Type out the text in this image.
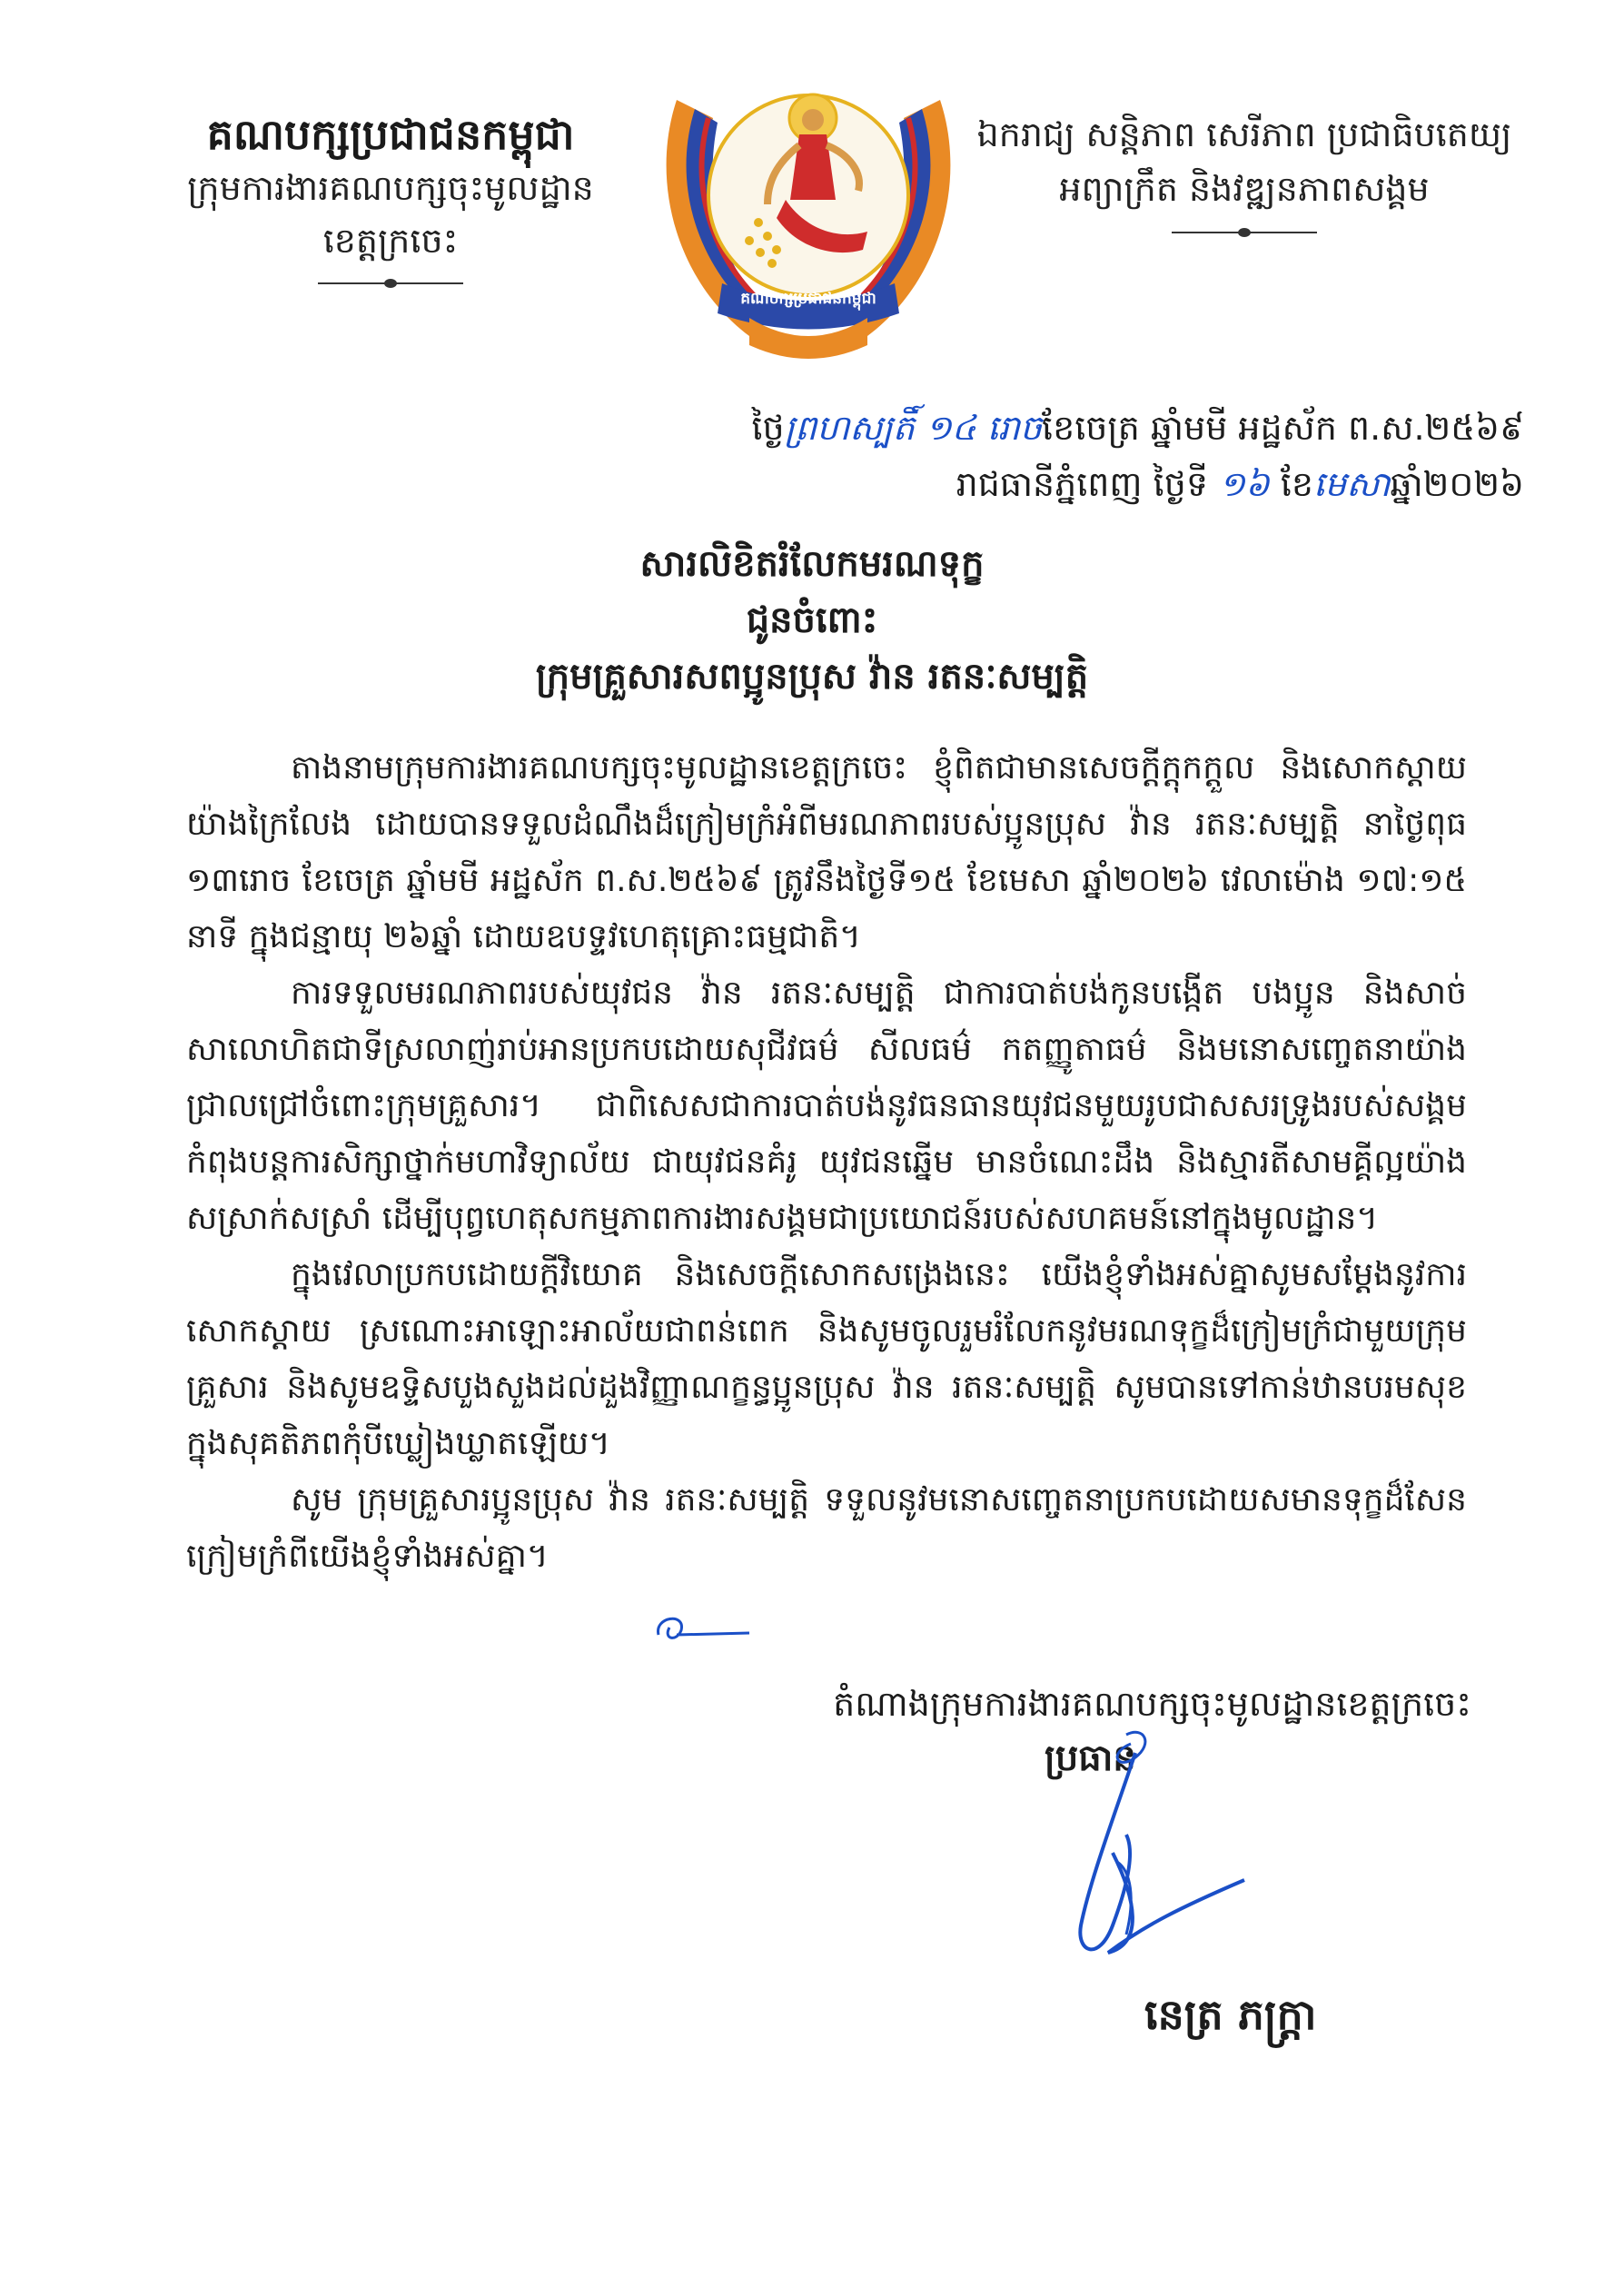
គណបក្សប្រជាជនកម្ពុជា
ក្រុមការងារគណបក្សចុះមូលដ្ឋាន
ខេត្តក្រចេះ
គណបក្សប្រជាជនកម្ពុជា
ឯករាជ្យ សន្តិភាព សេរីភាព ប្រជាធិបតេយ្យ
អព្យាក្រឹត និងវឌ្ឍនភាពសង្គម
ថ្ងៃព្រហស្បតិ៍ ១៤ រោចខែចេត្រ ឆ្នាំមមី អដ្ឋស័ក ព.ស.២៥៦៩
រាជធានីភ្នំពេញ ថ្ងៃទី ១៦ ខែមេសាឆ្នាំ២០២៦
សារលិខិតរំលែកមរណទុក្ខ
ជូនចំពោះ
ក្រុមគ្រួសារសពប្អូនប្រុស វ៉ាន រតនៈសម្បត្តិ

តាងនាមក្រុមការងារគណបក្សចុះមូលដ្ឋានខេត្តក្រចេះ ខ្ញុំពិតជាមានសេចក្តីក្តុកក្តួល និងសោកស្តាយយ៉ាងក្រៃលែង ដោយបានទទួលដំណឹងដ៏ក្រៀមក្រំអំពីមរណភាពរបស់ប្អូនប្រុស វ៉ាន រតនៈសម្បត្តិ នាថ្ងៃពុធ ១៣រោច ខែចេត្រ ឆ្នាំមមី អដ្ឋស័ក ព.ស.២៥៦៩ ត្រូវនឹងថ្ងៃទី១៥ ខែមេសា ឆ្នាំ២០២៦ វេលាម៉ោង ១៧:១៥ នាទី ក្នុងជន្មាយុ ២៦ឆ្នាំ ដោយឧបទ្ទវហេតុគ្រោះធម្មជាតិ។

ការទទួលមរណភាពរបស់យុវជន វ៉ាន រតនៈសម្បត្តិ ជាការបាត់បង់កូនបង្កើត បងប្អូន និងសាច់សាលោហិតជាទីស្រលាញ់រាប់អានប្រកបដោយសុជីវធម៌ សីលធម៌ កតញ្ញូតាធម៌ និងមនោសញ្ចេតនាយ៉ាងជ្រាលជ្រៅចំពោះក្រុមគ្រួសារ។ ជាពិសេសជាការបាត់បង់នូវធនធានយុវជនមួយរូបជាសសរទ្រូងរបស់សង្គម កំពុងបន្តការសិក្សាថ្នាក់មហាវិទ្យាល័យ ជាយុវជនគំរូ យុវជនឆ្នើម មានចំណេះដឹង និងស្មារតីសាមគ្គីល្អយ៉ាងសស្រាក់សស្រាំ ដើម្បីបុព្វហេតុសកម្មភាពការងារសង្គមជាប្រយោជន៍របស់សហគមន៍នៅក្នុងមូលដ្ឋាន។

ក្នុងវេលាប្រកបដោយក្តីវិយោគ និងសេចក្តីសោកសង្រេងនេះ យើងខ្ញុំទាំងអស់គ្នាសូមសម្តែងនូវការសោកស្តាយ ស្រណោះអាឡោះអាល័យជាពន់ពេក និងសូមចូលរួមរំលែកនូវមរណទុក្ខដ៏ក្រៀមក្រំជាមួយក្រុមគ្រួសារ និងសូមឧទ្ទិសបួងសួងដល់ដួងវិញ្ញាណក្ខន្ធប្អូនប្រុស វ៉ាន រតនៈសម្បត្តិ សូមបានទៅកាន់ឋានបរមសុខក្នុងសុគតិភពកុំបីឃ្លៀងឃ្លាតឡើយ។

សូម ក្រុមគ្រួសារប្អូនប្រុស វ៉ាន រតនៈសម្បត្តិ ទទួលនូវមនោសញ្ចេតនាប្រកបដោយសមានទុក្ខដ៏សែនក្រៀមក្រំពីយើងខ្ញុំទាំងអស់គ្នា។

តំណាងក្រុមការងារគណបក្សចុះមូលដ្ឋានខេត្តក្រចេះ
ប្រធាន
នេត្រ ភក្ត្រា
